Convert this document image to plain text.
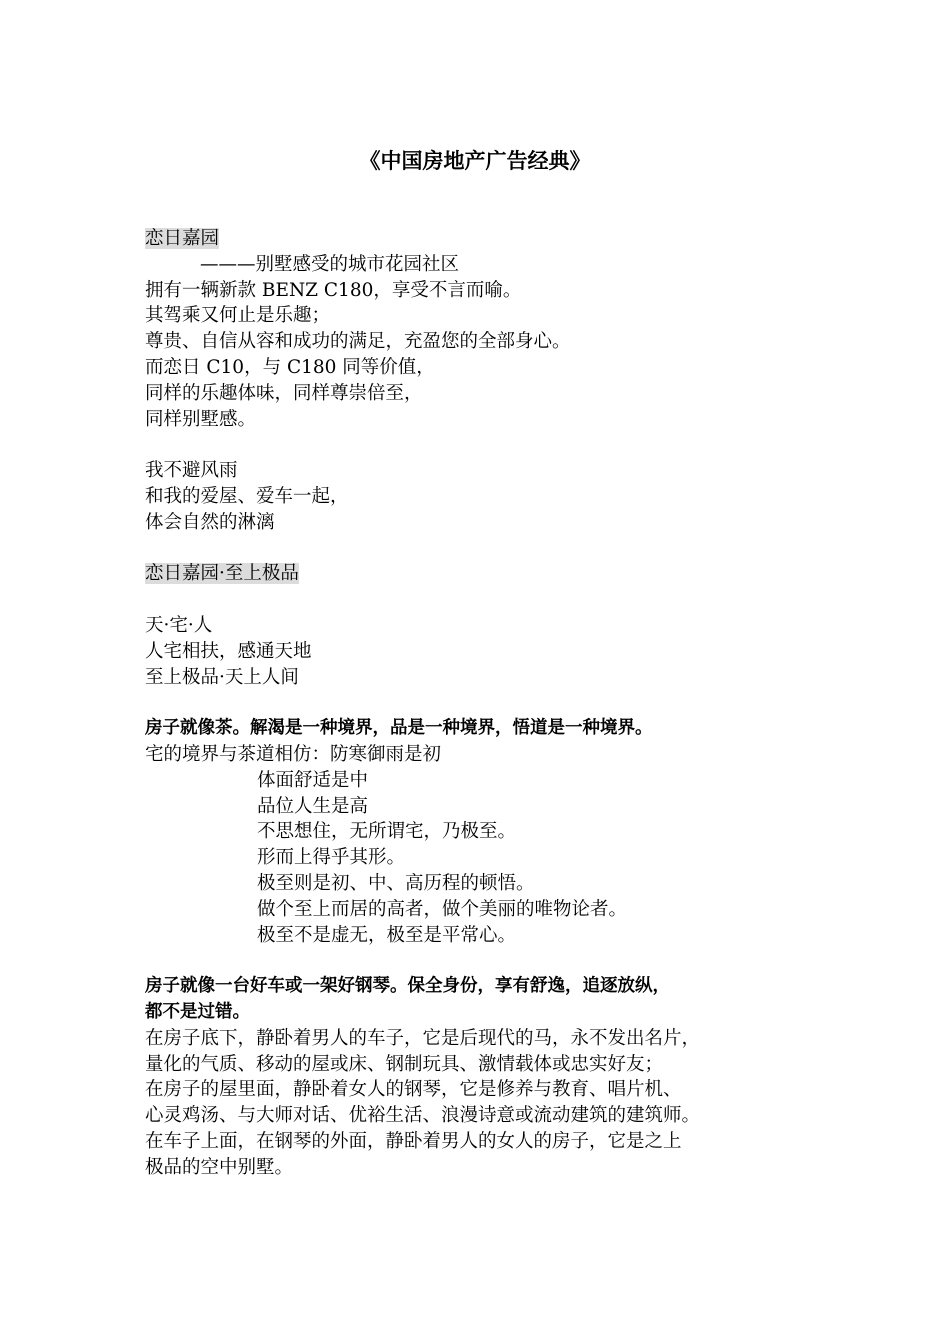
《中国房地产广告经典》
恋日嘉园
———别墅感受的城市花园社区
拥有一辆新款 BENZ C180，享受不言而喻。
其驾乘又何止是乐趣；
尊贵、自信从容和成功的满足，充盈您的全部身心。
而恋日 C10，与 C180 同等价值，
同样的乐趣体味，同样尊崇倍至，
同样别墅感。
我不避风雨
和我的爱屋、爱车一起，
体会自然的淋漓
恋日嘉园·至上极品
天·宅·人
人宅相扶，感通天地
至上极品·天上人间
房子就像茶。解渴是一种境界，品是一种境界，悟道是一种境界。
宅的境界与茶道相仿：防寒御雨是初
体面舒适是中
品位人生是高
不思想住，无所谓宅，乃极至。
形而上得乎其形。
极至则是初、中、高历程的顿悟。
做个至上而居的高者，做个美丽的唯物论者。
极至不是虚无，极至是平常心。
房子就像一台好车或一架好钢琴。保全身份，享有舒逸，追逐放纵，
都不是过错。
在房子底下，静卧着男人的车子，它是后现代的马，永不发出名片，
量化的气质、移动的屋或床、钢制玩具、激情载体或忠实好友；
在房子的屋里面，静卧着女人的钢琴，它是修养与教育、唱片机、
心灵鸡汤、与大师对话、优裕生活、浪漫诗意或流动建筑的建筑师。
在车子上面，在钢琴的外面，静卧着男人的女人的房子，它是之上
极品的空中别墅。
